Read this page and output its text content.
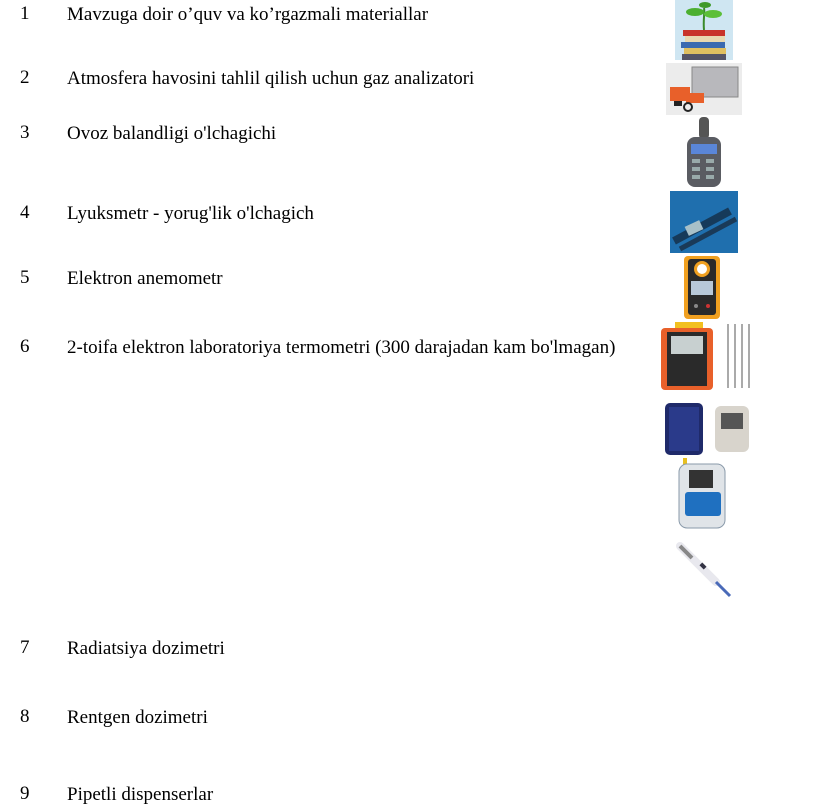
1 Mavzuga doir o’quv va ko’rgazmali materiallar
2 Atmosfera havosini tahlil qilish uchun gaz analizatori
3 Ovoz balandligi o'lchagichi
4 Lyuksmetr - yorug'lik o'lchagich
5 Elektron anemometr
6 2-toifa elektron laboratoriya termometri (300 darajadan kam bo'lmagan)
7 Radiatsiya dozimetri
8 Rentgen dozimetri
9 Pipetli dispenserlar
